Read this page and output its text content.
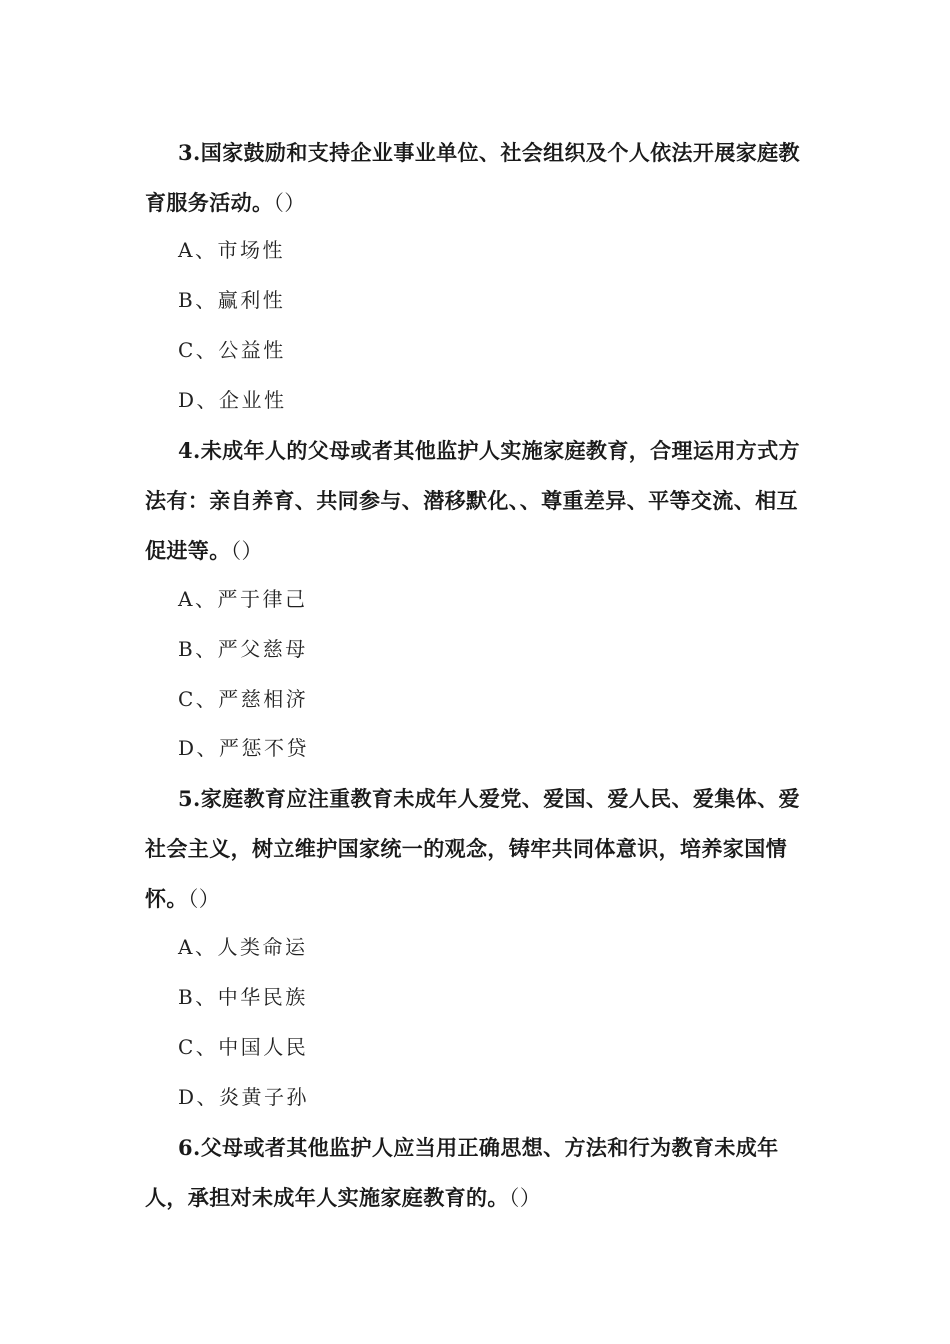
3.国家鼓励和支持企业事业单位、社会组织及个人依法开展家庭教育服务活动。（）

A、市场性

B、赢利性

C、公益性

D、企业性

4.未成年人的父母或者其他监护人实施家庭教育，合理运用方式方法有：亲自养育、共同参与、潜移默化、、尊重差异、平等交流、相互促进等。（）

A、严于律己

B、严父慈母

C、严慈相济

D、严惩不贷

5.家庭教育应注重教育未成年人爱党、爱国、爱人民、爱集体、爱社会主义，树立维护国家统一的观念，铸牢共同体意识，培养家国情怀。（）

A、人类命运

B、中华民族

C、中国人民

D、炎黄子孙

6.父母或者其他监护人应当用正确思想、方法和行为教育未成年人，承担对未成年人实施家庭教育的。（）
